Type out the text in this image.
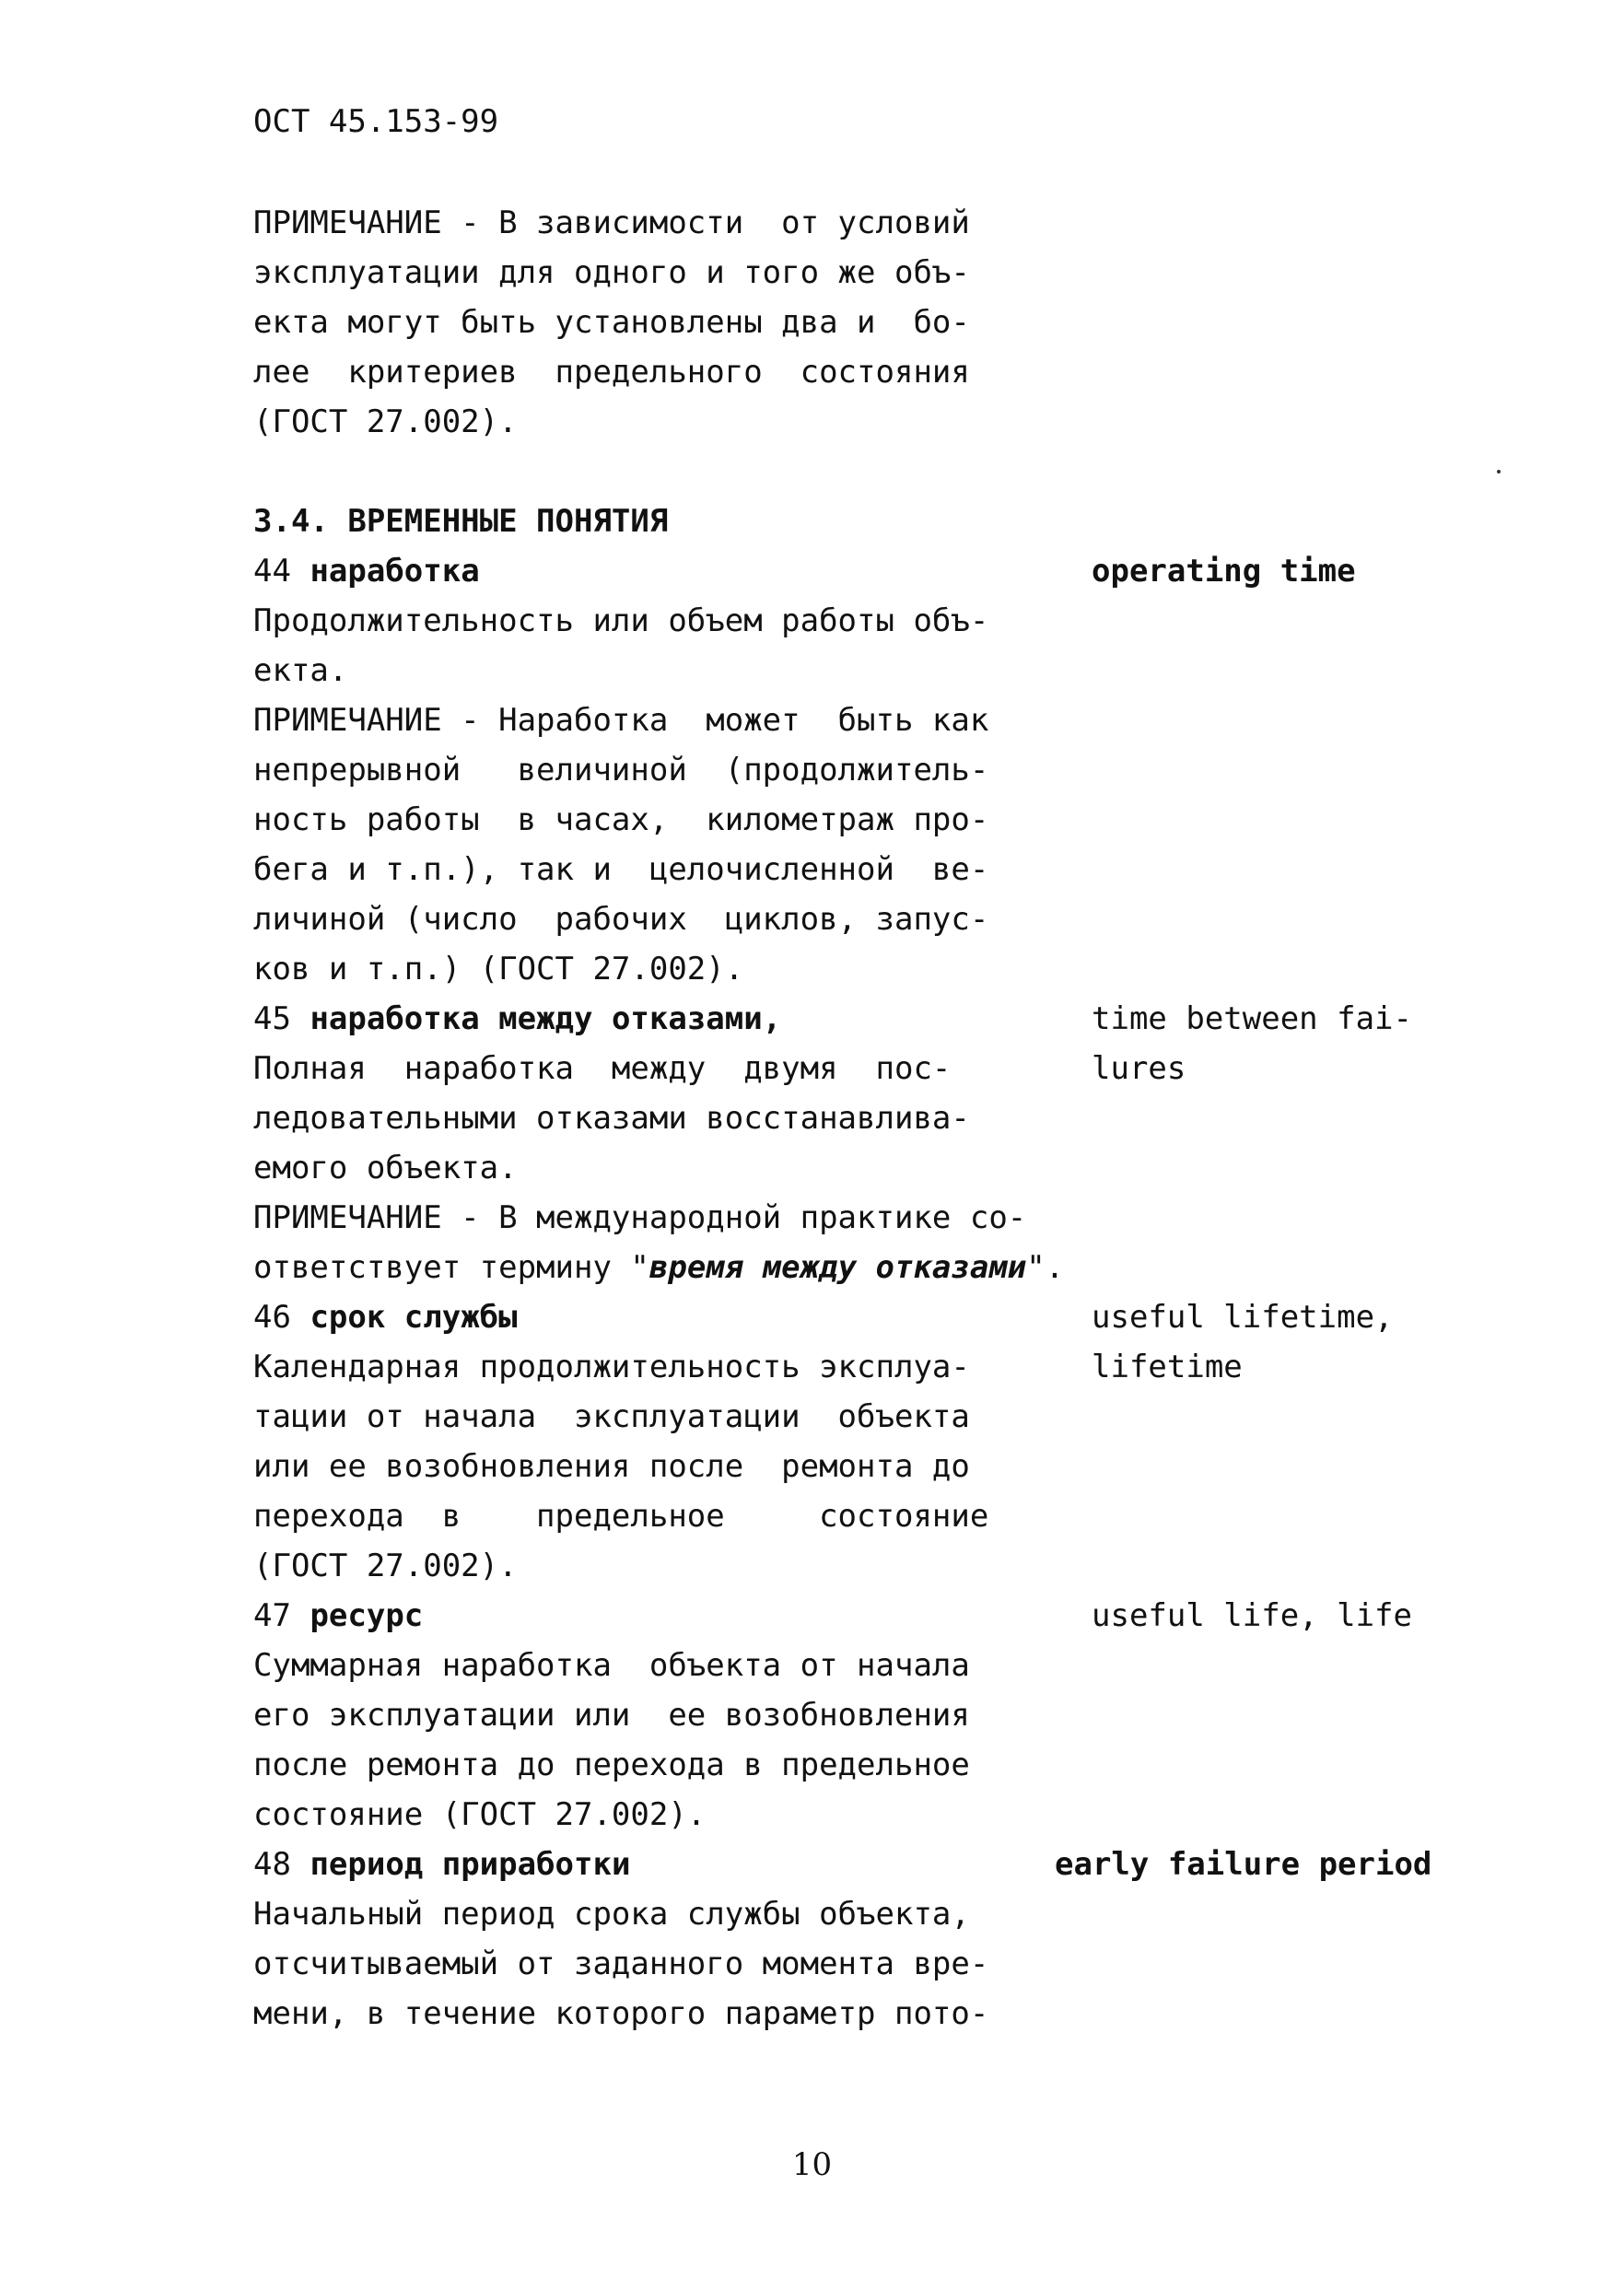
ОСТ 45.153-99
ПРИМЕЧАНИЕ - В зависимости  от условий
эксплуатации для одного и того же объ-
екта могут быть установлены два и  бо-
лее  критериев  предельного  состояния
(ГОСТ 27.002).
3.4. ВРЕМЕННЫЕ ПОНЯТИЯ
44 наработка	operating time
Продолжительность или объем работы объ-
екта.
ПРИМЕЧАНИЕ - Наработка  может  быть как
непрерывной   величиной  (продолжитель-
ность работы  в часах,  километраж про-
бега и т.п.), так и  целочисленной  ве-
личиной (число  рабочих  циклов, запус-
ков и т.п.) (ГОСТ 27.002).
45 наработка между отказами,	time between fai-
lures
Полная  наработка  между  двумя  пос-
ледовательными отказами восстанавлива-
емого объекта.
ПРИМЕЧАНИЕ - В международной практике со-
ответствует термину "время между отказами".
46 срок службы	useful lifetime,
lifetime
Календарная продолжительность эксплуа-
тации от начала  эксплуатации  объекта
или ее возобновления после  ремонта до
перехода  в    предельное     состояние
(ГОСТ 27.002).
47 ресурс	useful life, life
Суммарная наработка  объекта от начала
его эксплуатации или  ее возобновления
после ремонта до перехода в предельное
состояние (ГОСТ 27.002).
48 период приработки	early failure period
Начальный период срока службы объекта,
отсчитываемый от заданного момента вре-
мени, в течение которого параметр пото-
10
